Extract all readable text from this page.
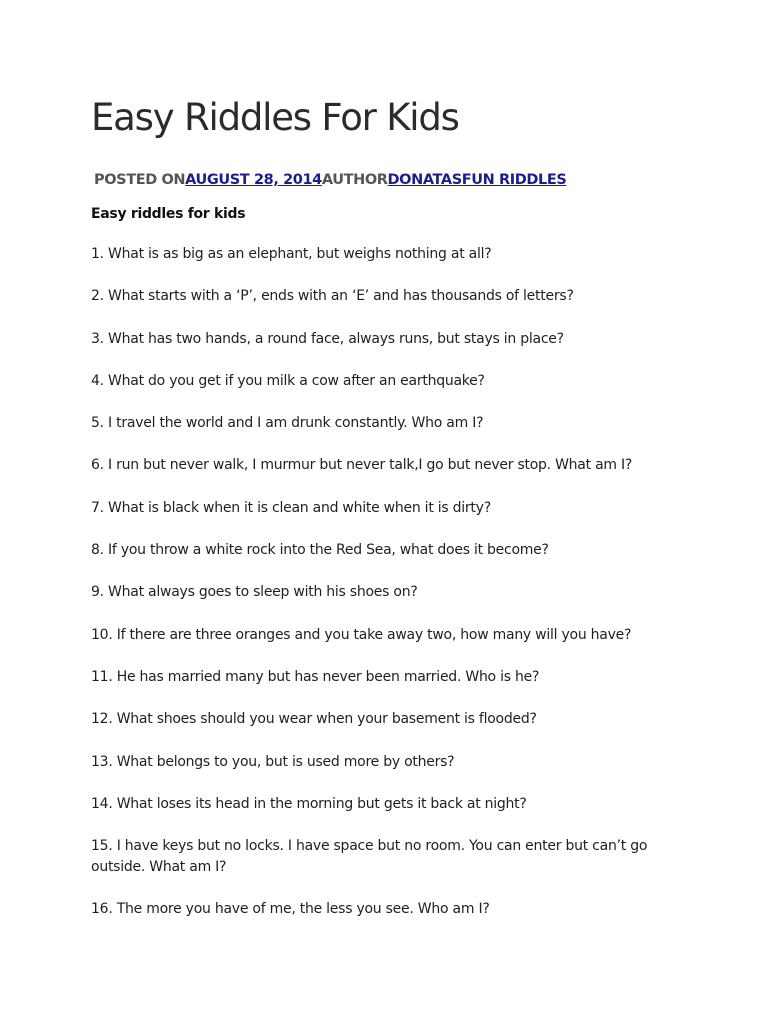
Easy Riddles For Kids
POSTED ONAUGUST 28, 2014AUTHORDONATASFUN RIDDLES
Easy riddles for kids
1. What is as big as an elephant, but weighs nothing at all?
2. What starts with a ‘P’, ends with an ‘E’ and has thousands of letters?
3. What has two hands, a round face, always runs, but stays in place?
4. What do you get if you milk a cow after an earthquake?
5. I travel the world and I am drunk constantly. Who am I?
6. I run but never walk, I murmur but never talk,I go but never stop. What am I?
7. What is black when it is clean and white when it is dirty?
8. If you throw a white rock into the Red Sea, what does it become?
9. What always goes to sleep with his shoes on?
10. If there are three oranges and you take away two, how many will you have?
11. He has married many but has never been married. Who is he?
12. What shoes should you wear when your basement is flooded?
13. What belongs to you, but is used more by others?
14. What loses its head in the morning but gets it back at night?
15. I have keys but no locks. I have space but no room. You can enter but can’t go outside. What am I?
16. The more you have of me, the less you see. Who am I?
